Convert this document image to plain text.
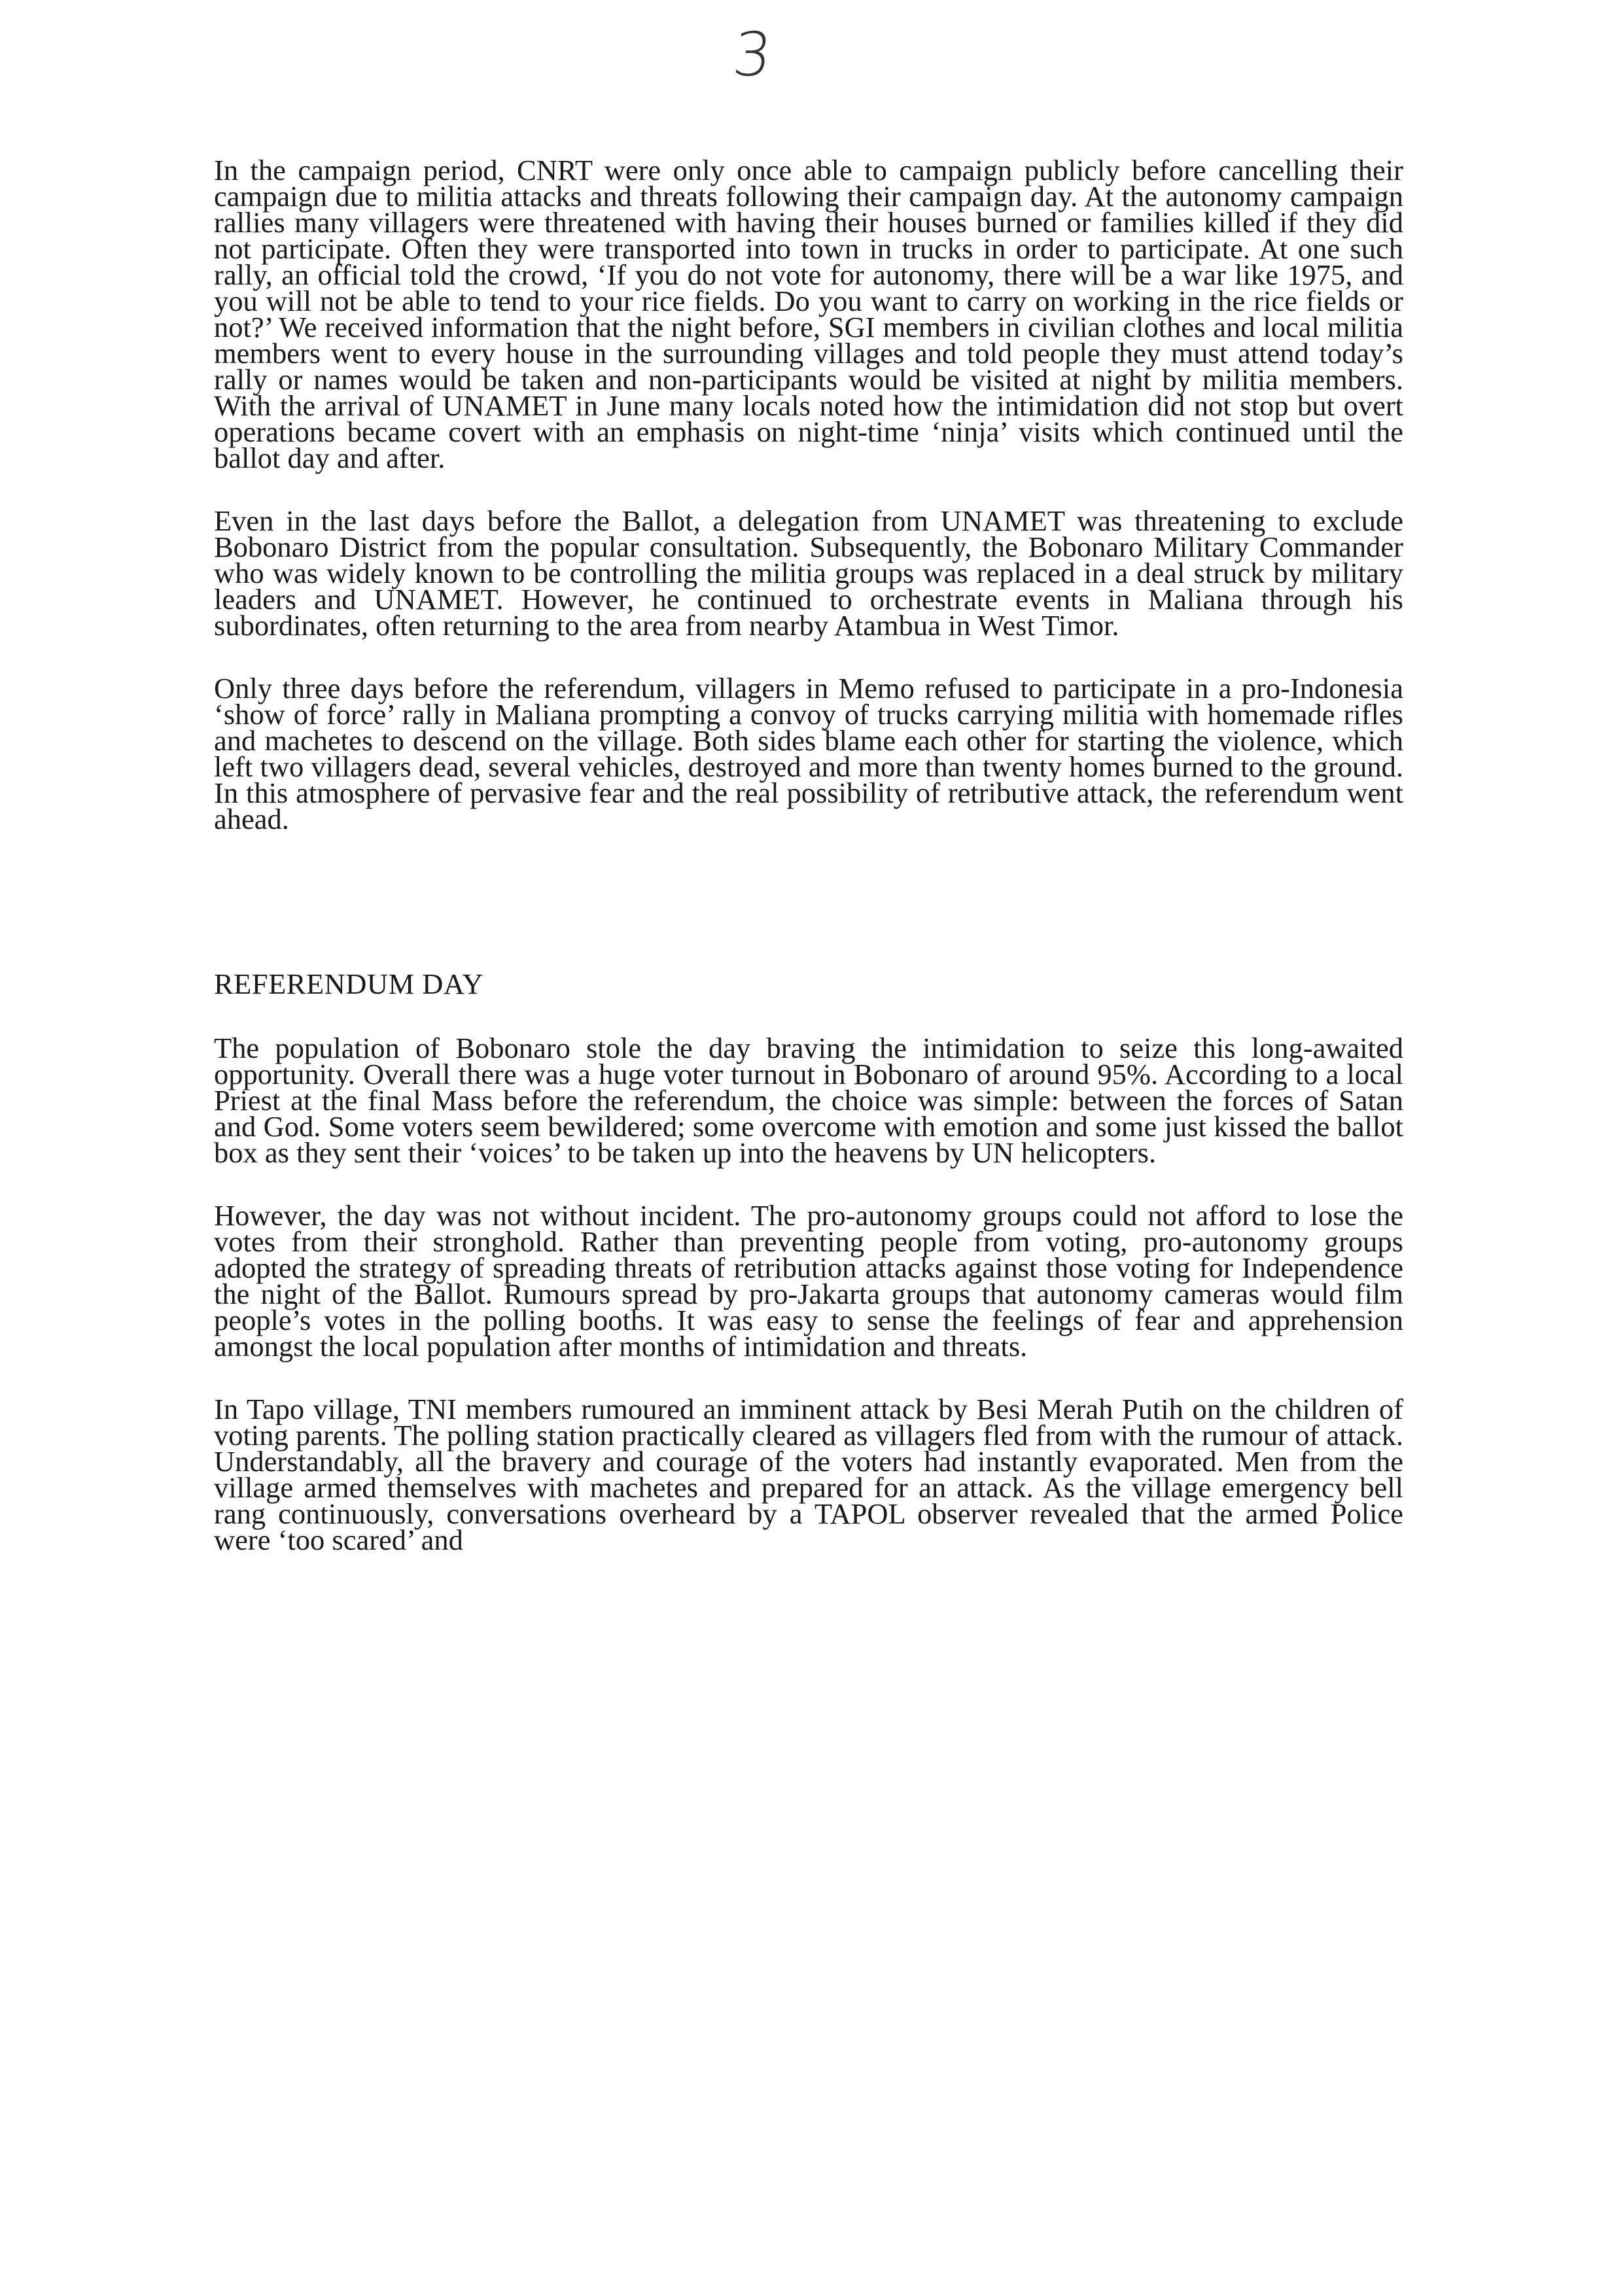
3

In the campaign period, CNRT were only once able to campaign publicly before cancelling their campaign due to militia attacks and threats following their campaign day. At the autonomy campaign rallies many villagers were threatened with having their houses burned or families killed if they did not participate. Often they were transported into town in trucks in order to participate. At one such rally, an official told the crowd, ‘If you do not vote for autonomy, there will be a war like 1975, and you will not be able to tend to your rice fields. Do you want to carry on working in the rice fields or not?’ We received information that the night before, SGI members in civilian clothes and local militia members went to every house in the surrounding villages and told people they must attend today’s rally or names would be taken and non-participants would be visited at night by militia members. With the arrival of UNAMET in June many locals noted how the intimidation did not stop but overt operations became covert with an emphasis on night-time ‘ninja’ visits which continued until the ballot day and after.

Even in the last days before the Ballot, a delegation from UNAMET was threatening to exclude Bobonaro District from the popular consultation. Subsequently, the Bobonaro Military Commander who was widely known to be controlling the militia groups was replaced in a deal struck by military leaders and UNAMET. However, he continued to orchestrate events in Maliana through his subordinates, often returning to the area from nearby Atambua in West Timor.

Only three days before the referendum, villagers in Memo refused to participate in a pro-Indonesia ‘show of force’ rally in Maliana prompting a convoy of trucks carrying militia with homemade rifles and machetes to descend on the village. Both sides blame each other for starting the violence, which left two villagers dead, several vehicles, destroyed and more than twenty homes burned to the ground. In this atmosphere of pervasive fear and the real possibility of retributive attack, the referendum went ahead.

REFERENDUM DAY

The population of Bobonaro stole the day braving the intimidation to seize this long-awaited opportunity. Overall there was a huge voter turnout in Bobonaro of around 95%. According to a local Priest at the final Mass before the referendum, the choice was simple: between the forces of Satan and God. Some voters seem bewildered; some overcome with emotion and some just kissed the ballot box as they sent their ‘voices’ to be taken up into the heavens by UN helicopters.

However, the day was not without incident. The pro-autonomy groups could not afford to lose the votes from their stronghold. Rather than preventing people from voting, pro-autonomy groups adopted the strategy of spreading threats of retribution attacks against those voting for Independence the night of the Ballot. Rumours spread by pro-Jakarta groups that autonomy cameras would film people’s votes in the polling booths. It was easy to sense the feelings of fear and apprehension amongst the local population after months of intimidation and threats.

In Tapo village, TNI members rumoured an imminent attack by Besi Merah Putih on the children of voting parents. The polling station practically cleared as villagers fled from with the rumour of attack. Understandably, all the bravery and courage of the voters had instantly evaporated. Men from the village armed themselves with machetes and prepared for an attack. As the village emergency bell rang continuously, conversations overheard by a TAPOL observer revealed that the armed Police were ‘too scared’ and
